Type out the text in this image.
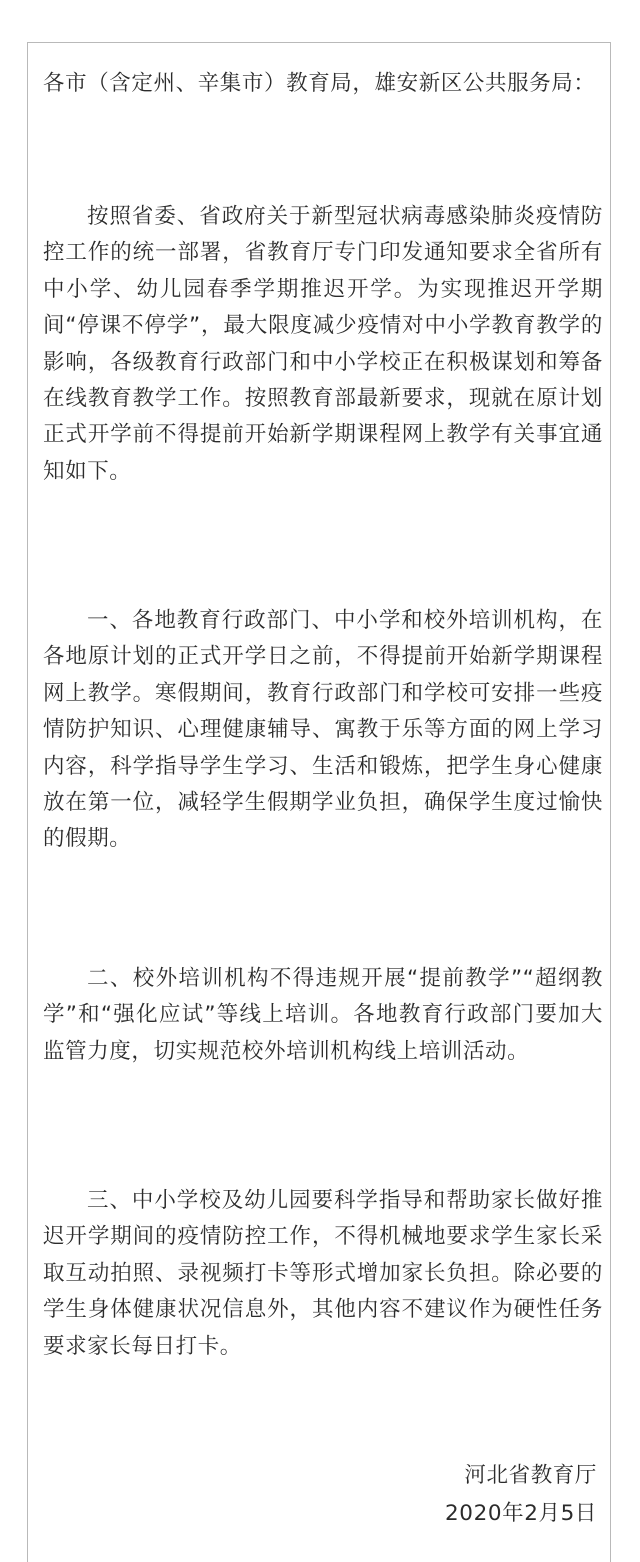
各市（含定州、辛集市）教育局，雄安新区公共服务局：

按照省委、省政府关于新型冠状病毒感染肺炎疫情防控工作的统一部署，省教育厅专门印发通知要求全省所有中小学、幼儿园春季学期推迟开学。为实现推迟开学期间“停课不停学”，最大限度减少疫情对中小学教育教学的影响，各级教育行政部门和中小学校正在积极谋划和筹备在线教育教学工作。按照教育部最新要求，现就在原计划正式开学前不得提前开始新学期课程网上教学有关事宜通知如下。

一、各地教育行政部门、中小学和校外培训机构，在各地原计划的正式开学日之前，不得提前开始新学期课程网上教学。寒假期间，教育行政部门和学校可安排一些疫情防护知识、心理健康辅导、寓教于乐等方面的网上学习内容，科学指导学生学习、生活和锻炼，把学生身心健康放在第一位，减轻学生假期学业负担，确保学生度过愉快的假期。

二、校外培训机构不得违规开展“提前教学”“超纲教学”和“强化应试”等线上培训。各地教育行政部门要加大监管力度，切实规范校外培训机构线上培训活动。

三、中小学校及幼儿园要科学指导和帮助家长做好推迟开学期间的疫情防控工作，不得机械地要求学生家长采取互动拍照、录视频打卡等形式增加家长负担。除必要的学生身体健康状况信息外，其他内容不建议作为硬性任务要求家长每日打卡。

河北省教育厅

2020年2月5日
